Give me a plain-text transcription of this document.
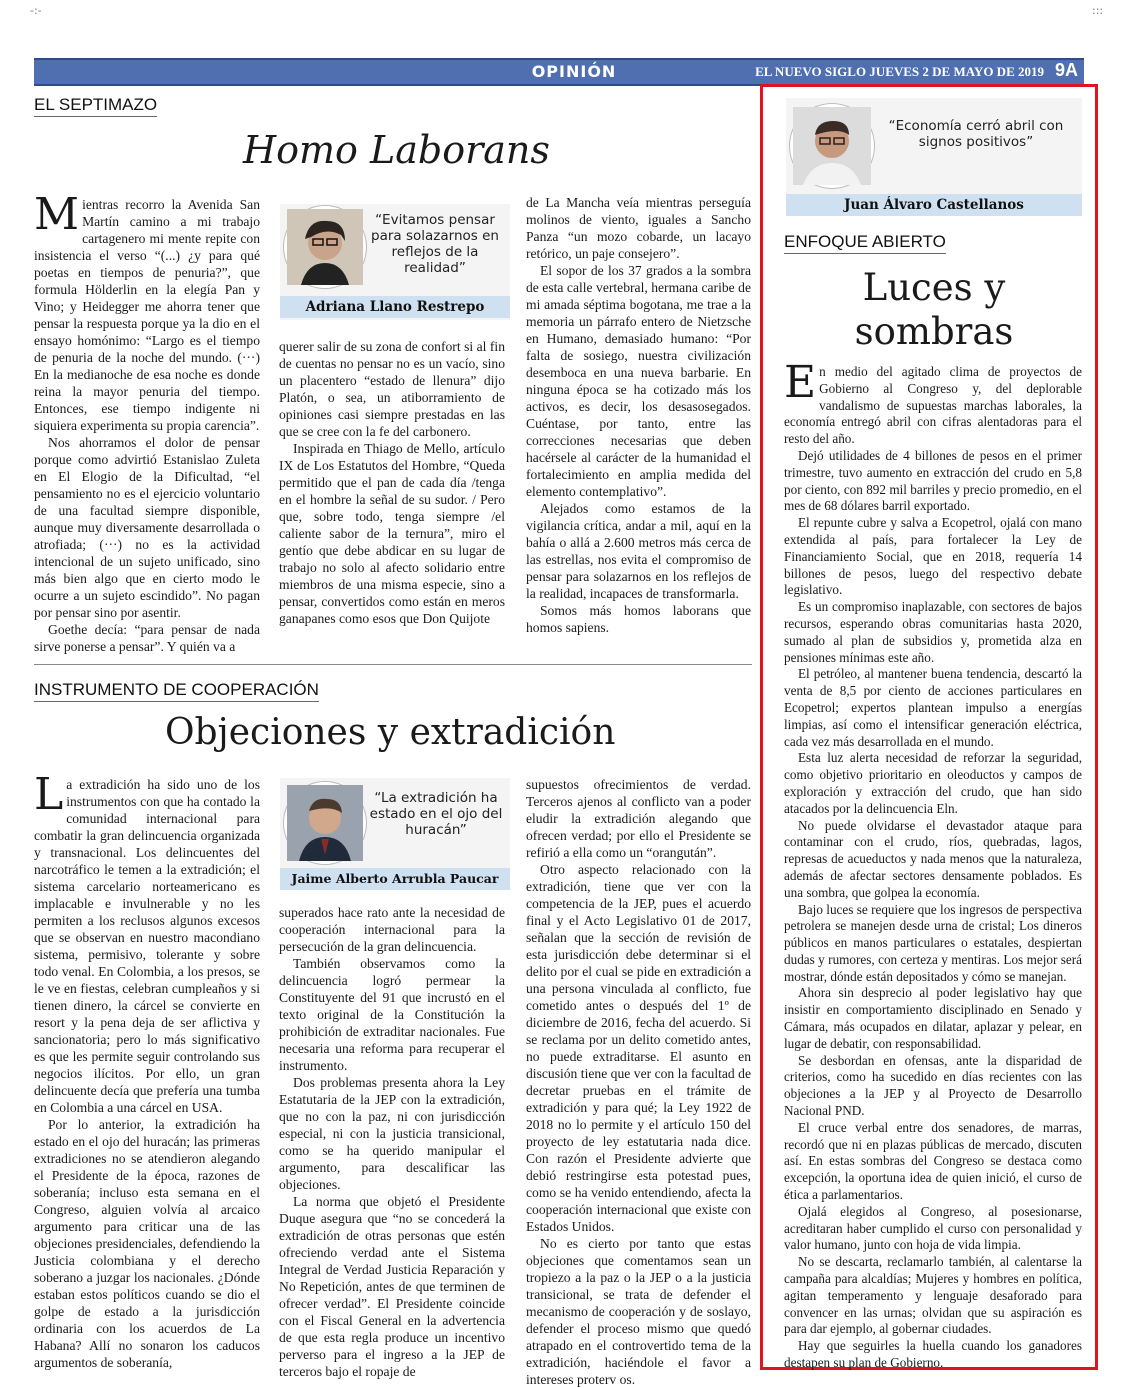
-:-	:::
OPINIÓN	EL NUEVO SIGLO JUEVES 2 DE MAYO DE 2019 9A
EL SEPTIMAZO
Homo Laborans

Mientras recorro la Avenida San Martín camino a mi trabajo cartagenero mi mente repite con insistencia el verso “(...) ¿y para qué poetas en tiempos de penuria?”, que formula Hölderlin en la elegía Pan y Vino; y Heidegger me ahorra tener que pensar la respuesta porque ya la dio en el ensayo homónimo: “Largo es el tiempo de penuria de la noche del mundo. (···) En la medianoche de esa noche es donde reina la mayor penuria del tiempo. Entonces, ese tiempo indigente ni siquiera experimenta su propia carencia”.

Nos ahorramos el dolor de pensar porque como advirtió Estanislao Zuleta en El Elogio de la Dificultad, “el pensamiento no es el ejercicio voluntario de una facultad siempre disponible, aunque muy diversamente desarrollada o atrofiada; (···) no es la actividad intencional de un sujeto unificado, sino más bien algo que en cierto modo le ocurre a un sujeto escindido”. No pagan por pensar sino por asentir.

Goethe decía: “para pensar de nada sirve ponerse a pensar”. Y quién va a

“Evitamos pensar para solazarnos en reflejos de la realidad”
Adriana Llano Restrepo

querer salir de su zona de confort si al fin de cuentas no pensar no es un vacío, sino un placentero “estado de llenura” dijo Platón, o sea, un atiborramiento de opiniones casi siempre prestadas en las que se cree con la fe del carbonero.

Inspirada en Thiago de Mello, artículo IX de Los Estatutos del Hombre, “Queda permitido que el pan de cada día /tenga en el hombre la señal de su sudor. / Pero que, sobre todo, tenga siempre /el caliente sabor de la ternura”, miro el gentío que debe abdicar en su lugar de trabajo no solo al afecto solidario entre miembros de una misma especie, sino a pensar, convertidos como están en meros ganapanes como esos que Don Quijote

de La Mancha veía mientras perseguía molinos de viento, iguales a Sancho Panza “un mozo cobarde, un lacayo retórico, un paje consejero”.

El sopor de los 37 grados a la sombra de esta calle vertebral, hermana caribe de mi amada séptima bogotana, me trae a la memoria un párrafo entero de Nietzsche en Humano, demasiado humano: “Por falta de sosiego, nuestra civilización desemboca en una nueva barbarie. En ninguna época se ha cotizado más los activos, es decir, los desasosegados. Cuéntase, por tanto, entre las correcciones necesarias que deben hacérsele al carácter de la humanidad el fortalecimiento en amplia medida del elemento contemplativo”.

Alejados como estamos de la vigilancia crítica, andar a mil, aquí en la bahía o allá a 2.600 metros más cerca de las estrellas, nos evita el compromiso de pensar para solazarnos en los reflejos de la realidad, incapaces de transformarla.

Somos más homos laborans que homos sapiens.

INSTRUMENTO DE COOPERACIÓN
Objeciones y extradición

La extradición ha sido uno de los instrumentos con que ha contado la comunidad internacional para combatir la gran delincuencia organizada y transnacional. Los delincuentes del narcotráfico le temen a la extradición; el sistema carcelario norteamericano es implacable e invulnerable y no les permiten a los reclusos algunos excesos que se observan en nuestro macondiano sistema, permisivo, tolerante y sobre todo venal. En Colombia, a los presos, se le ve en fiestas, celebran cumpleaños y si tienen dinero, la cárcel se convierte en resort y la pena deja de ser aflictiva y sancionatoria; pero lo más significativo es que les permite seguir controlando sus negocios ilícitos. Por ello, un gran delincuente decía que prefería una tumba en Colombia a una cárcel en USA.

Por lo anterior, la extradición ha estado en el ojo del huracán; las primeras extradiciones no se atendieron alegando el Presidente de la época, razones de soberanía; incluso esta semana en el Congreso, alguien volvía al arcaico argumento para criticar una de las objeciones presidenciales, defendiendo la Justicia colombiana y el derecho soberano a juzgar los nacionales. ¿Dónde estaban estos políticos cuando se dio el golpe de estado a la jurisdicción ordinaria con los acuerdos de La Habana? Allí no sonaron los caducos argumentos de soberanía,

“La extradición ha estado en el ojo del huracán”
Jaime Alberto Arrubla Paucar

superados hace rato ante la necesidad de cooperación internacional para la persecución de la gran delincuencia.

También observamos como la delincuencia logró permear la Constituyente del 91 que incrustó en el texto original de la Constitución la prohibición de extraditar nacionales. Fue necesaria una reforma para recuperar el instrumento.

Dos problemas presenta ahora la Ley Estatutaria de la JEP con la extradición, que no con la paz, ni con jurisdicción especial, ni con la justicia transicional, como se ha querido manipular el argumento, para descalificar las objeciones.

La norma que objetó el Presidente Duque asegura que “no se concederá la extradición de otras personas que estén ofreciendo verdad ante el Sistema Integral de Verdad Justicia Reparación y No Repetición, antes de que terminen de ofrecer verdad”. El Presidente coincide con el Fiscal General en la advertencia de que esta regla produce un incentivo perverso para el ingreso a la JEP de terceros bajo el ropaje de

supuestos ofrecimientos de verdad. Terceros ajenos al conflicto van a poder eludir la extradición alegando que ofrecen verdad; por ello el Presidente se refirió a ella como un “orangután”.

Otro aspecto relacionado con la extradición, tiene que ver con la competencia de la JEP, pues el acuerdo final y el Acto Legislativo 01 de 2017, señalan que la sección de revisión de esta jurisdicción debe determinar si el delito por el cual se pide en extradición a una persona vinculada al conflicto, fue cometido antes o después del 1º de diciembre de 2016, fecha del acuerdo. Si se reclama por un delito cometido antes, no puede extraditarse. El asunto en discusión tiene que ver con la facultad de decretar pruebas en el trámite de extradición y para qué; la Ley 1922 de 2018 no lo permite y el artículo 150 del proyecto de ley estatutaria nada dice. Con razón el Presidente advierte que debió restringirse esta potestad pues, como se ha venido entendiendo, afecta la cooperación internacional que existe con Estados Unidos.

No es cierto por tanto que estas objeciones que comentamos sean un tropiezo a la paz o la JEP o a la justicia transicional, se trata de defender el mecanismo de cooperación y de soslayo, defender el proceso mismo que quedó atrapado en el controvertido tema de la extradición, haciéndole el favor a intereses proterv os.

“Economía cerró abril con signos positivos”
Juan Álvaro Castellanos
ENFOQUE ABIERTO
Luces y
sombras

En medio del agitado clima de proyectos de Gobierno al Congreso y, del deplorable vandalismo de supuestas marchas laborales, la economía entregó abril con cifras alentadoras para el resto del año.

Dejó utilidades de 4 billones de pesos en el primer trimestre, tuvo aumento en extracción del crudo en 5,8 por ciento, con 892 mil barriles y precio promedio, en el mes de 68 dólares barril exportado.

El repunte cubre y salva a Ecopetrol, ojalá con mano extendida al país, para fortalecer la Ley de Financiamiento Social, que en 2018, requería 14 billones de pesos, luego del respectivo debate legislativo.

Es un compromiso inaplazable, con sectores de bajos recursos, esperando obras comunitarias hasta 2020, sumado al plan de subsidios y, prometida alza en pensiones mínimas este año.

El petróleo, al mantener buena tendencia, descartó la venta de 8,5 por ciento de acciones particulares en Ecopetrol; expertos plantean impulso a energías limpias, así como el intensificar generación eléctrica, cada vez más desarrollada en el mundo.

Esta luz alerta necesidad de reforzar la seguridad, como objetivo prioritario en oleoductos y campos de exploración y extracción del crudo, que han sido atacados por la delincuencia Eln.

No puede olvidarse el devastador ataque para contaminar con el crudo, ríos, quebradas, lagos, represas de acueductos y nada menos que la naturaleza, además de afectar sectores densamente poblados. Es una sombra, que golpea la economía.

Bajo luces se requiere que los ingresos de perspectiva petrolera se manejen desde urna de cristal; Los dineros públicos en manos particulares o estatales, despiertan dudas y rumores, con certeza y mentiras. Los mejor será mostrar, dónde están depositados y cómo se manejan.

Ahora sin desprecio al poder legislativo hay que insistir en comportamiento disciplinado en Senado y Cámara, más ocupados en dilatar, aplazar y pelear, en lugar de debatir, con responsabilidad.

Se desbordan en ofensas, ante la disparidad de criterios, como ha sucedido en días recientes con las objeciones a la JEP y al Proyecto de Desarrollo Nacional PND.

El cruce verbal entre dos senadores, de marras, recordó que ni en plazas públicas de mercado, discuten así. En estas sombras del Congreso se destaca como excepción, la oportuna idea de quien inició, el curso de ética a parlamentarios.

Ojalá elegidos al Congreso, al posesionarse, acreditaran haber cumplido el curso con personalidad y valor humano, junto con hoja de vida limpia.

No se descarta, reclamarlo también, al calentarse la campaña para alcaldías; Mujeres y hombres en política, agitan temperamento y lenguaje desaforado para convencer en las urnas; olvidan que su aspiración es para dar ejemplo, al gobernar ciudades.

Hay que seguirles la huella cuando los ganadores destapen su plan de Gobierno.
